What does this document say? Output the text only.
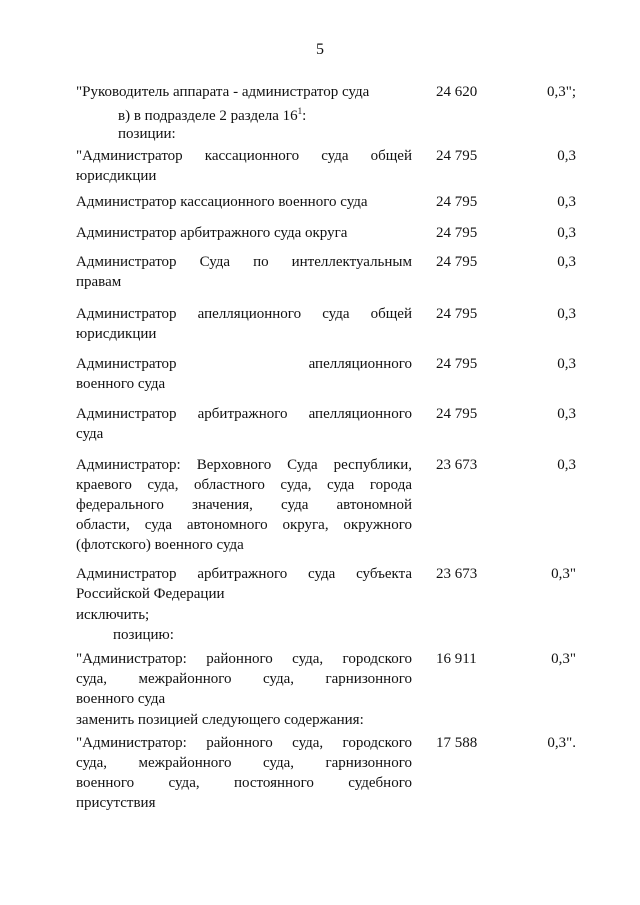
5
"Руководитель аппарата - администратор суда	24 620	0,3";
в) в подразделе 2 раздела $16^1$:
позиции:
"Администратор кассационного суда общей
юрисдикции
24 795	0,3
Администратор кассационного военного суда	24 795	0,3
Администратор арбитражного суда округа	24 795	0,3
Администратор Суда по интеллектуальным
правам
24 795	0,3
Администратор апелляционного суда общей
юрисдикции
24 795	0,3
Администратор апелляционного
военного суда
24 795	0,3
Администратор арбитражного апелляционного
суда
24 795	0,3
Администратор: Верховного Суда республики,
краевого суда, областного суда, суда города
федерального значения, суда автономной
области, суда автономного округа, окружного
(флотского) военного суда
23 673	0,3
Администратор арбитражного суда субъекта
Российской Федерации
23 673	0,3"
исключить;
позицию:
"Администратор: районного суда, городского
суда, межрайонного суда, гарнизонного
военного суда
16 911	0,3"
заменить позицией следующего содержания:
"Администратор: районного суда, городского
суда, межрайонного суда, гарнизонного
военного суда, постоянного судебного
присутствия
17 588	0,3".
